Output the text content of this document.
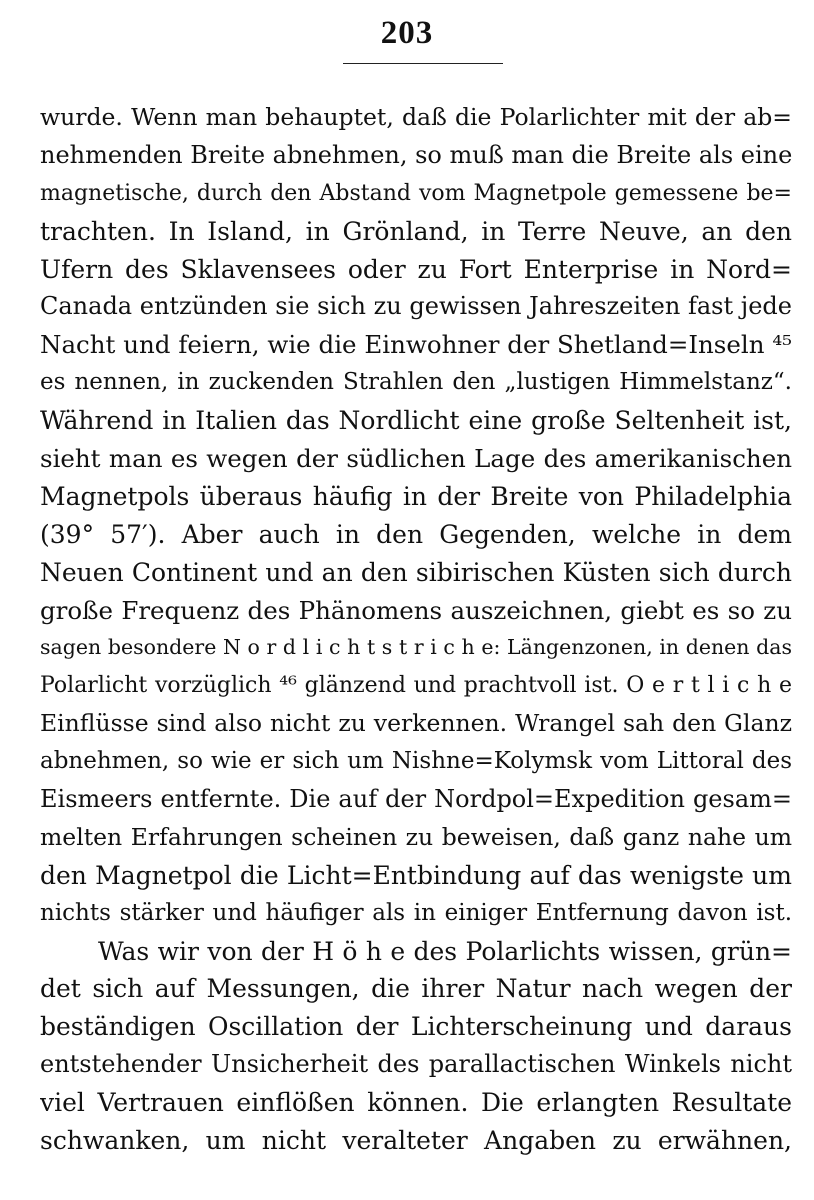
203
wurde. Wenn man behauptet, daß die Polarlichter mit der ab=
nehmenden Breite abnehmen, so muß man die Breite als eine
magnetische, durch den Abstand vom Magnetpole gemessene be=
trachten. In Island, in Grönland, in Terre Neuve, an den
Ufern des Sklavensees oder zu Fort Enterprise in Nord=
Canada entzünden sie sich zu gewissen Jahreszeiten fast jede
Nacht und feiern, wie die Einwohner der Shetland=Inseln ⁴⁵
es nennen, in zuckenden Strahlen den „lustigen Himmelstanz“.
Während in Italien das Nordlicht eine große Seltenheit ist,
sieht man es wegen der südlichen Lage des amerikanischen
Magnetpols überaus häufig in der Breite von Philadelphia
(39° 57′). Aber auch in den Gegenden, welche in dem
Neuen Continent und an den sibirischen Küsten sich durch
große Frequenz des Phänomens auszeichnen, giebt es so zu
sagen besondere N o r d l i c h t s t r i c h e: Längenzonen, in denen das
Polarlicht vorzüglich ⁴⁶ glänzend und prachtvoll ist. O e r t l i c h e
Einflüsse sind also nicht zu verkennen. Wrangel sah den Glanz
abnehmen, so wie er sich um Nishne=Kolymsk vom Littoral des
Eismeers entfernte. Die auf der Nordpol=Expedition gesam=
melten Erfahrungen scheinen zu beweisen, daß ganz nahe um
den Magnetpol die Licht=Entbindung auf das wenigste um
nichts stärker und häufiger als in einiger Entfernung davon ist.
Was wir von der H ö h e des Polarlichts wissen, grün=
det sich auf Messungen, die ihrer Natur nach wegen der
beständigen Oscillation der Lichterscheinung und daraus
entstehender Unsicherheit des parallactischen Winkels nicht
viel Vertrauen einflößen können. Die erlangten Resultate
schwanken, um nicht veralteter Angaben zu erwähnen,
